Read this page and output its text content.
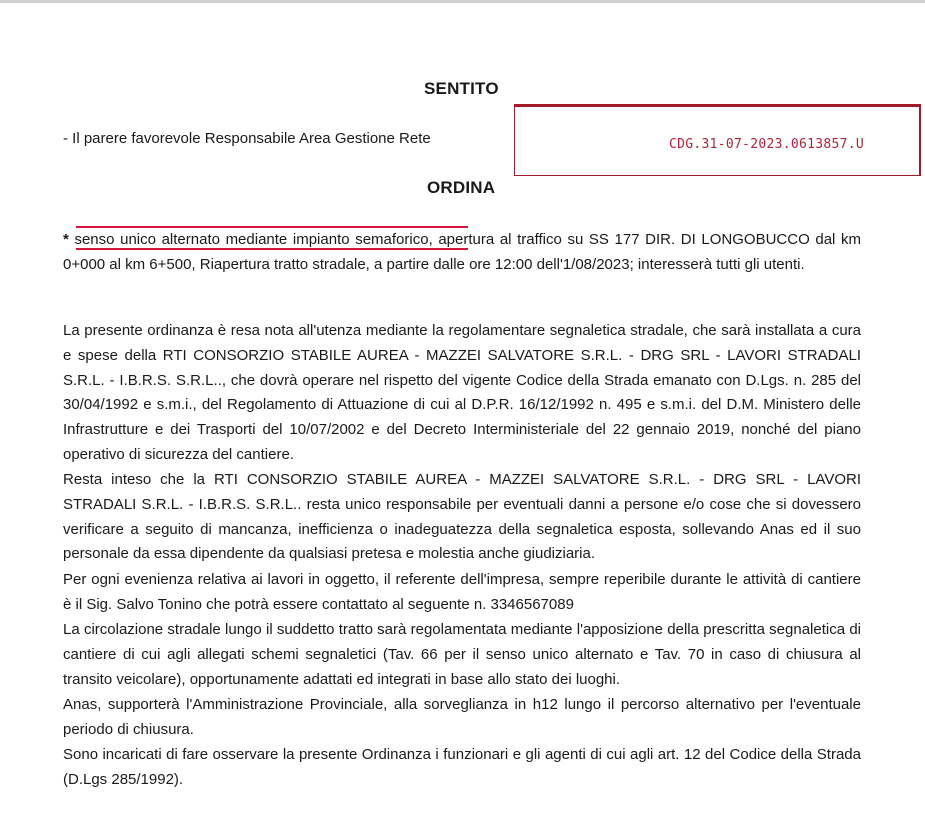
SENTITO
- Il parere favorevole Responsabile Area Gestione Rete	CDG.31-07-2023.0613857.U
ORDINA
* senso unico alternato mediante impianto semaforico, apertura al traffico su SS 177 DIR. DI LONGOBUCCO dal km 0+000 al km 6+500, Riapertura tratto stradale, a partire dalle ore 12:00 dell'1/08/2023; interesserà tutti gli utenti.
La presente ordinanza è resa nota all'utenza mediante la regolamentare segnaletica stradale, che sarà installata a cura e spese della RTI CONSORZIO STABILE AUREA - MAZZEI SALVATORE S.R.L. - DRG SRL - LAVORI STRADALI S.R.L. - I.B.R.S. S.R.L.., che dovrà operare nel rispetto del vigente Codice della Strada emanato con D.Lgs. n. 285 del 30/04/1992 e s.m.i., del Regolamento di Attuazione di cui al D.P.R. 16/12/1992 n. 495 e s.m.i. del D.M. Ministero delle Infrastrutture e dei Trasporti del 10/07/2002 e del Decreto Interministeriale del 22 gennaio 2019, nonché del piano operativo di sicurezza del cantiere.
Resta inteso che la RTI CONSORZIO STABILE AUREA - MAZZEI SALVATORE S.R.L. - DRG SRL - LAVORI STRADALI S.R.L. - I.B.R.S. S.R.L.. resta unico responsabile per eventuali danni a persone e/o cose che si dovessero verificare a seguito di mancanza, inefficienza o inadeguatezza della segnaletica esposta, sollevando Anas ed il suo personale da essa dipendente da qualsiasi pretesa e molestia anche giudiziaria.
Per ogni evenienza relativa ai lavori in oggetto, il referente dell'impresa, sempre reperibile durante le attività di cantiere è il Sig. Salvo Tonino che potrà essere contattato al seguente n. 3346567089
La circolazione stradale lungo il suddetto tratto sarà regolamentata mediante l'apposizione della prescritta segnaletica di cantiere di cui agli allegati schemi segnaletici (Tav. 66 per il senso unico alternato e Tav. 70 in caso di chiusura al transito veicolare), opportunamente adattati ed integrati in base allo stato dei luoghi.
Anas, supporterà l'Amministrazione Provinciale, alla sorveglianza in h12 lungo il percorso alternativo per l'eventuale periodo di chiusura.
Sono incaricati di fare osservare la presente Ordinanza i funzionari e gli agenti di cui agli art. 12 del Codice della Strada (D.Lgs 285/1992).
